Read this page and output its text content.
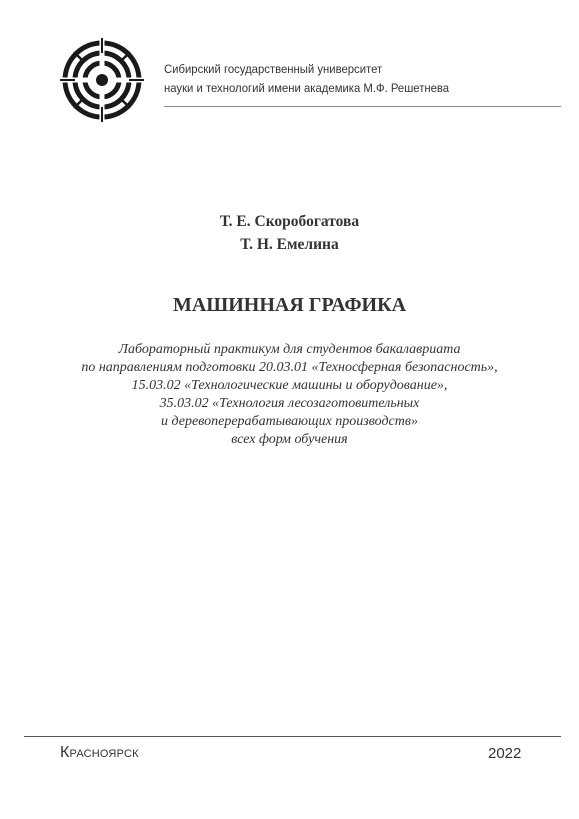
Сибирский государственный университет
науки и технологий имени академика М.Ф. Решетнева
Т. Е. Скоробогатова
Т. Н. Емелина
МАШИННАЯ ГРАФИКА
Лабораторный практикум для студентов бакалавриата
по направлениям подготовки 20.03.01 «Техносферная безопасность»,
15.03.02 «Технологические машины и оборудование»,
35.03.02 «Технология лесозаготовительных
и деревоперерабатывающих производств»
всех форм обучения
Красноярск	2022
